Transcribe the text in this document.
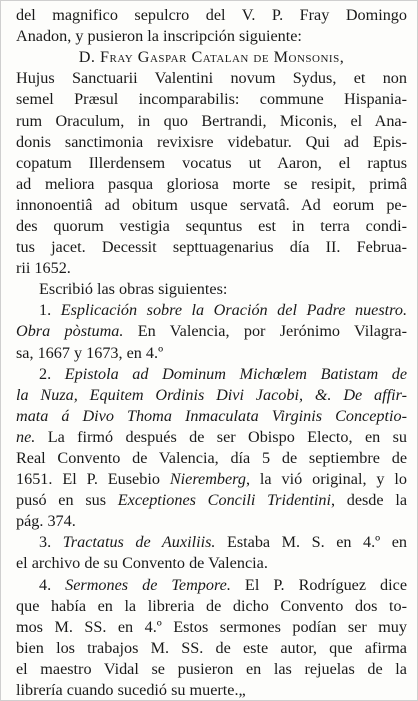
del magnifico sepulcro del V. P. Fray Domingo
Anadon, y pusieron la inscripción siguiente:
D. Fray Gaspar Catalan de Monsonis,
Hujus Sanctuarii Valentini novum Sydus, et non
semel Præsul incomparabilis: commune Hispania-
rum Oraculum, in quo Bertrandi, Miconis, el Ana-
donis sanctimonia revixisre videbatur. Qui ad Epis-
copatum Illerdensem vocatus ut Aaron, el raptus
ad meliora pasqua gloriosa morte se resipit, primâ
innonoentiâ ad obitum usque servatâ. Ad eorum pe-
des quorum vestigia sequntus est in terra condi-
tus jacet. Decessit septtuagenarius día II. Februa-
rii 1652.
Escribió las obras siguientes:
1. Esplicación sobre la Oración del Padre nuestro.
Obra pòstuma. En Valencia, por Jerónimo Vilagra-
sa, 1667 y 1673, en 4.º
2. Epistola ad Dominum Michœlem Batistam de
la Nuza, Equitem Ordinis Divi Jacobi, &. De affir-
mata á Divo Thoma Inmaculata Virginis Conceptio-
ne. La firmó después de ser Obispo Electo, en su
Real Convento de Valencia, día 5 de septiembre de
1651. El P. Eusebio Nieremberg, la vió original, y lo
pusó en sus Exceptiones Concili Tridentini, desde la
pág. 374.
3. Tractatus de Auxiliis. Estaba M. S. en 4.º en
el archivo de su Convento de Valencia.
4. Sermones de Tempore. El P. Rodríguez dice
que había en la libreria de dicho Convento dos to-
mos M. SS. en 4.º Estos sermones podían ser muy
bien los trabajos M. SS. de este autor, que afirma
el maestro Vidal se pusieron en las rejuelas de la
librería cuando sucedió su muerte.„
